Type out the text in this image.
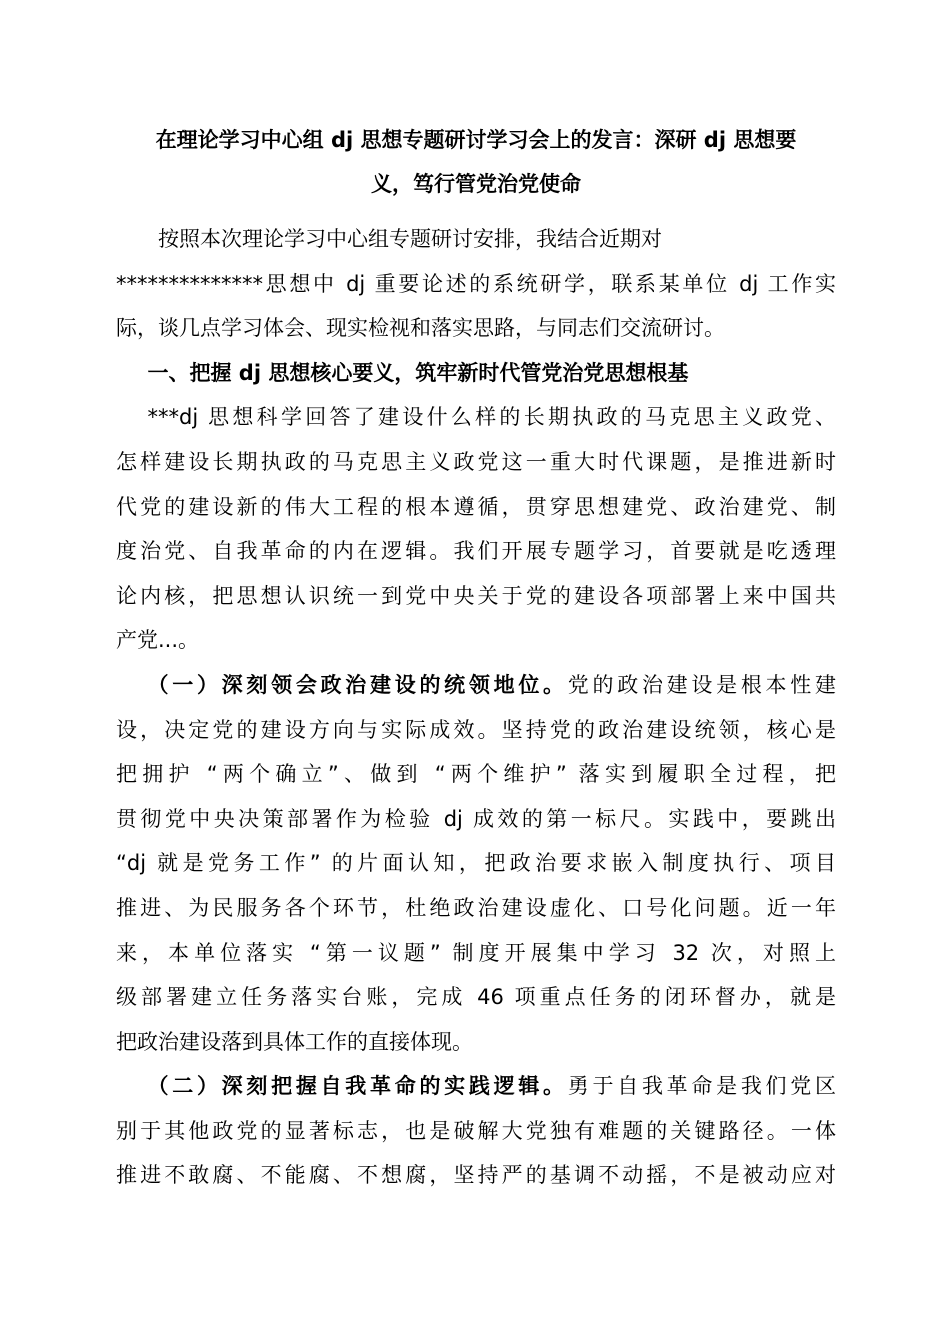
在理论学习中心组 dj 思想专题研讨学习会上的发言：深研 dj 思想要
义，笃行管党治党使命
按照本次理论学习中心组专题研讨安排，我结合近期对
**************思想中 dj 重要论述的系统研学，联系某单位 dj 工作实
际，谈几点学习体会、现实检视和落实思路，与同志们交流研讨。
一、把握 dj 思想核心要义，筑牢新时代管党治党思想根基
***dj 思想科学回答了建设什么样的长期执政的马克思主义政党、
怎样建设长期执政的马克思主义政党这一重大时代课题，是推进新时
代党的建设新的伟大工程的根本遵循，贯穿思想建党、政治建党、制
度治党、自我革命的内在逻辑。我们开展专题学习，首要就是吃透理
论内核，把思想认识统一到党中央关于党的建设各项部署上来中国共
产党...。
（一）深刻领会政治建设的统领地位。党的政治建设是根本性建
设，决定党的建设方向与实际成效。坚持党的政治建设统领，核心是
把拥护 “两个确立”、做到 “两个维护” 落实到履职全过程，把
贯彻党中央决策部署作为检验 dj 成效的第一标尺。实践中，要跳出
“dj 就是党务工作” 的片面认知，把政治要求嵌入制度执行、项目
推进、为民服务各个环节，杜绝政治建设虚化、口号化问题。近一年
来，本单位落实 “第一议题” 制度开展集中学习 32 次，对照上
级部署建立任务落实台账，完成 46 项重点任务的闭环督办，就是
把政治建设落到具体工作的直接体现。
（二）深刻把握自我革命的实践逻辑。勇于自我革命是我们党区
别于其他政党的显著标志，也是破解大党独有难题的关键路径。一体
推进不敢腐、不能腐、不想腐，坚持严的基调不动摇，不是被动应对
